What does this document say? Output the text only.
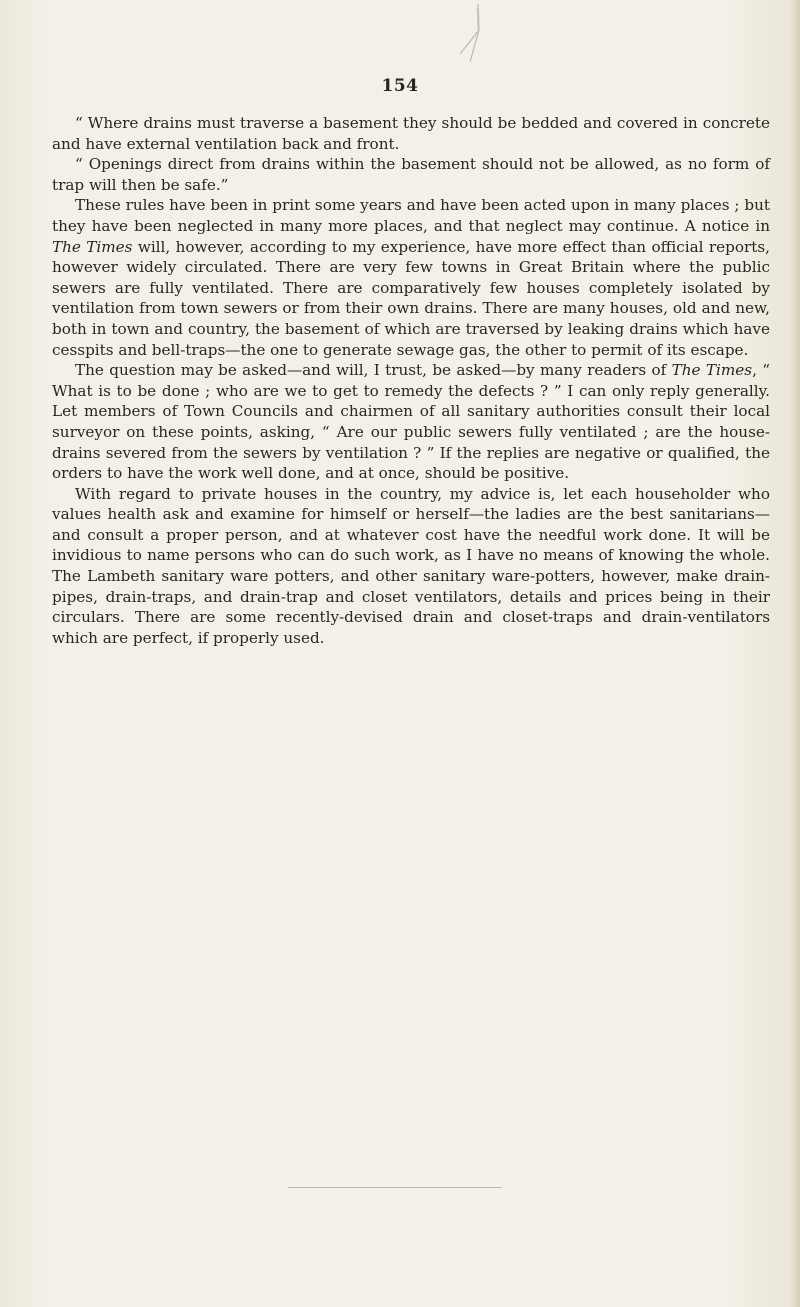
154

“ Where drains must traverse a basement they should be bedded and covered in concrete and have external ventilation back and front.

“ Openings direct from drains within the basement should not be allowed, as no form of trap will then be safe.”

These rules have been in print some years and have been acted upon in many places ; but they have been neglected in many more places, and that neglect may continue. A notice in The Times will, however, according to my experience, have more effect than official reports, however widely circulated. There are very few towns in Great Britain where the public sewers are fully ventilated. There are comparatively few houses completely isolated by ventilation from town sewers or from their own drains. There are many houses, old and new, both in town and country, the basement of which are traversed by leaking drains which have cesspits and bell-traps—the one to generate sewage gas, the other to permit of its escape.

The question may be asked—and will, I trust, be asked—by many readers of The Times, “ What is to be done ; who are we to get to remedy the defects ? ” I can only reply generally. Let members of Town Councils and chairmen of all sanitary authorities consult their local surveyor on these points, asking, “ Are our public sewers fully ventilated ; are the house-drains severed from the sewers by ventilation ? ” If the replies are negative or qualified, the orders to have the work well done, and at once, should be positive.

With regard to private houses in the country, my advice is, let each householder who values health ask and examine for himself or herself—the ladies are the best sanitarians—and consult a proper person, and at whatever cost have the needful work done. It will be invidious to name persons who can do such work, as I have no means of knowing the whole. The Lambeth sanitary ware potters, and other sanitary ware-potters, however, make drain-pipes, drain-traps, and drain-trap and closet ventilators, details and prices being in their circulars. There are some recently-devised drain and closet-traps and drain-ventilators which are perfect, if properly used.
